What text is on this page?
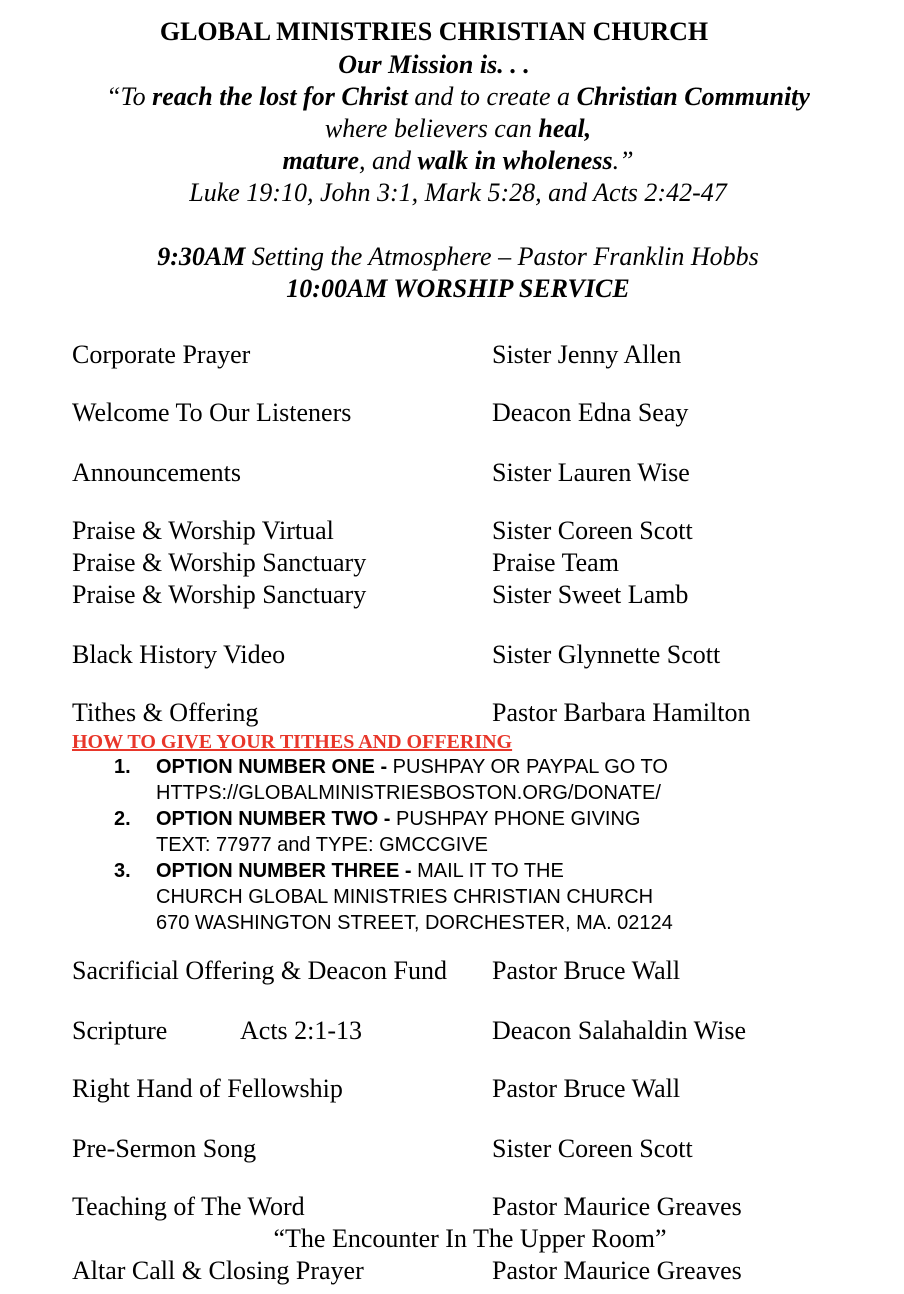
GLOBAL MINISTRIES CHRISTIAN CHURCH
Our Mission is. . .
“To reach the lost for Christ and to create a Christian Community
where believers can heal,
mature, and walk in wholeness.”
Luke 19:10, John 3:1, Mark 5:28, and Acts 2:42-47
9:30AM Setting the Atmosphere – Pastor Franklin Hobbs
10:00AM WORSHIP SERVICE
Corporate Prayer	Sister Jenny Allen
Welcome To Our Listeners	Deacon Edna Seay
Announcements	Sister Lauren Wise
Praise & Worship Virtual	Sister Coreen Scott
Praise & Worship Sanctuary	Praise Team
Praise & Worship Sanctuary	Sister Sweet Lamb
Black History Video	Sister Glynnette Scott
Tithes & Offering	Pastor Barbara Hamilton
HOW TO GIVE YOUR TITHES AND OFFERING
1. OPTION NUMBER ONE - PUSHPAY OR PAYPAL GO TO
HTTPS://GLOBALMINISTRIESBOSTON.ORG/DONATE/
2. OPTION NUMBER TWO - PUSHPAY PHONE GIVING
TEXT: 77977 and TYPE: GMCCGIVE
3. OPTION NUMBER THREE - MAIL IT TO THE
CHURCH GLOBAL MINISTRIES CHRISTIAN CHURCH
670 WASHINGTON STREET, DORCHESTER, MA. 02124
Sacrificial Offering & Deacon Fund Pastor Bruce Wall
Scripture	Acts 2:1-13	Deacon Salahaldin Wise
Right Hand of Fellowship	Pastor Bruce Wall
Pre-Sermon Song	Sister Coreen Scott
Teaching of The Word	Pastor Maurice Greaves
“The Encounter In The Upper Room”
Altar Call & Closing Prayer	Pastor Maurice Greaves
